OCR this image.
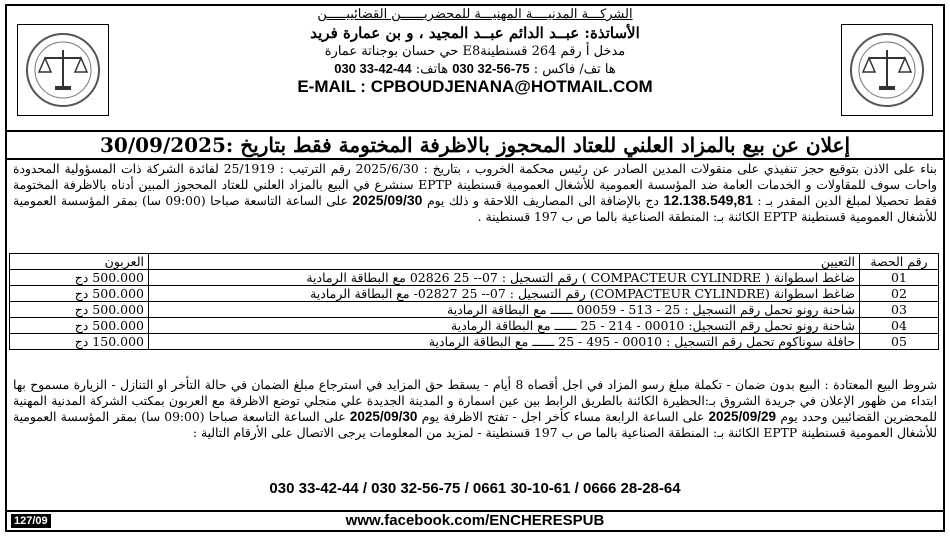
الشركـــة المدنيــــة المهنيـــة للمحضريــــــن القضائييـــــن
الأساتذة: عبــد الدائم عبــد المجيد ، و بن عمارة فريد
مدخل أ رقم 264 قسنطينةE8 حي حسان بوجناتة عمارة
ها تف/ فاكس : 75-56-32 030 هاتف: 44-42-33 030
E-MAIL : CPBOUDJENANA@HOTMAIL.COM
إعلان عن بيع بالمزاد العلني للعتاد المحجوز بالاظرفة المختومة فقط بتاريخ :30/09/2025
بناء على الاذن بتوقيع حجز تنفيذي على منقولات المدين الصادر عن رئيس محكمة الخروب ، بتاريخ : 2025/6/30 رقم الترتيب : 25/1919 لفائدة الشركة ذات المسؤولية المحدودة واحات سوف للمقاولات و الخدمات العامة ضد المؤسسة العمومية للأشغال العمومية قسنطينة EPTP سنشرع في البيع بالمزاد العلني للعتاد المحجوز المبين أدناه بالاظرفة المختومة فقط تحصيلا لمبلغ الدين المقدر بـ : 12.138.549,81 دج بالإضافة الى المصاريف اللاحقة و ذلك يوم 2025/09/30 على الساعة التاسعة صباحا (09:00 سا) بمقر المؤسسة العمومية للأشغال العمومية قسنطينة EPTP الكائنة بـ: المنطقة الصناعية بالما ص ب 197 قسنطينة .
رقم الحصة	التعيين	العربون
01	ضاغط اسطوانة ( COMPACTEUR CYLINDRE ) رقم التسجيل : 07-- 25 02826 مع البطاقة الرمادية	500.000 دج
02	ضاغط اسطوانة (COMPACTEUR CYLINDRE) رقم التسجيل : 07-- 25 02827- مع البطاقة الرمادية	500.000 دج
03	شاحنة رونو تحمل رقم التسجيل : 25 - 513 - 00059 ــــــ مع البطاقة الرمادية	500.000 دج
04	شاحنة رونو تحمل رقم التسجيل: 00010 - 214 - 25 ــــــ مع البطاقة الرمادية	500.000 دج
05	حافلة سوناكوم تحمل رقم التسجيل : 00010 - 495 - 25 ــــــ مع البطاقة الرمادية	150.000 دج
شروط البيع المعتادة : البيع بدون ضمان - تكملة مبلغ رسو المزاد في اجل أقصاه 8 أيام - يسقط حق المزايد في استرجاع مبلغ الضمان في حالة التأخر او التنازل - الزيارة مسموح بها ابتداء من ظهور الإعلان في جريدة الشروق بـ:الحظيرة الكائنة بالطريق الرابط بين عين اسمارة و المدينة الجديدة علي منجلي توضع الاظرفة مع العربون بمكتب الشركة المدنية المهنية للمحضرين القضائيين وحدد يوم 2025/09/29 على الساعة الرابعة مساء كأخر اجل - تفتح الاظرفة يوم 2025/09/30 على الساعة التاسعة صباحا (09:00 سا) بمقر المؤسسة العمومية للأشغال العمومية قسنطينة EPTP الكائنة بـ: المنطقة الصناعية بالما ص ب 197 قسنطينة - لمزيد من المعلومات يرجى الاتصال على الأرقام التالية :
030 33-42-44 / 030 32-56-75 / 0661 30-10-61 / 0666 28-28-64
www.facebook.com/ENCHERESPUB
127/09
